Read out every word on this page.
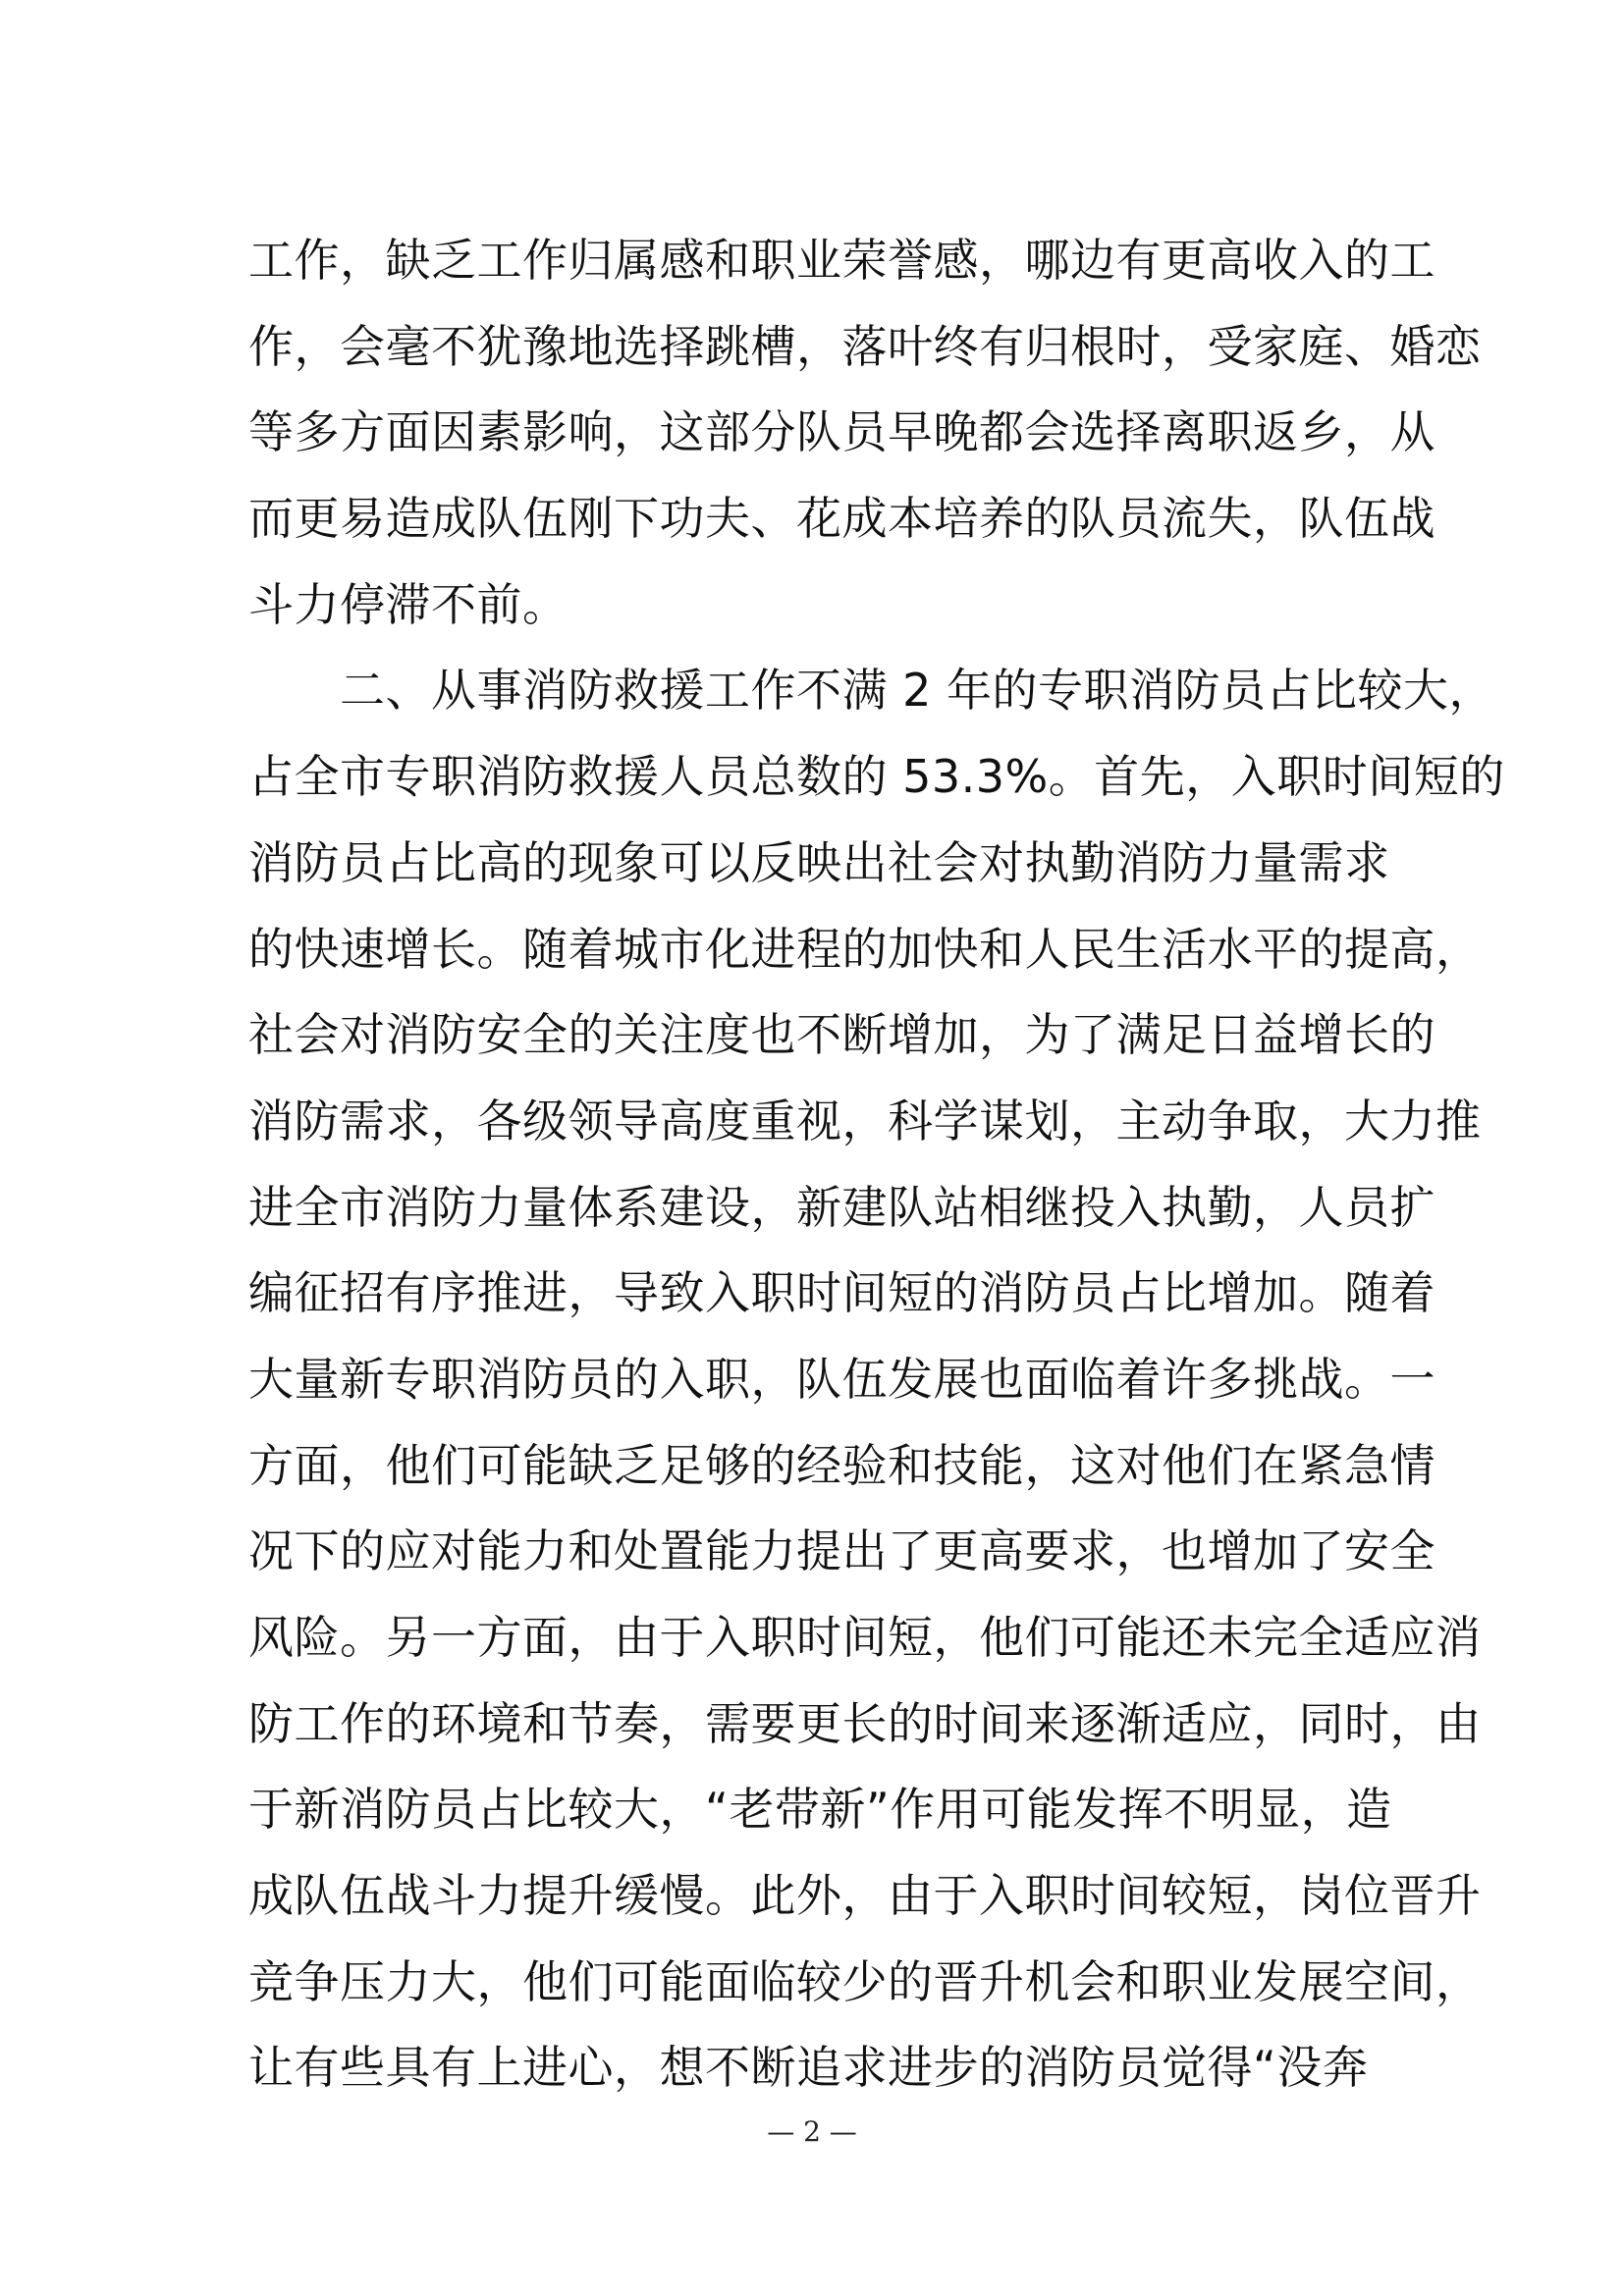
工作，缺乏工作归属感和职业荣誉感，哪边有更高收入的工
作，会毫不犹豫地选择跳槽，落叶终有归根时，受家庭、婚恋
等多方面因素影响，这部分队员早晚都会选择离职返乡，从
而更易造成队伍刚下功夫、花成本培养的队员流失，队伍战
斗力停滞不前。
　　二、从事消防救援工作不满 2 年的专职消防员占比较大，
占全市专职消防救援人员总数的 53.3%。首先，入职时间短的
消防员占比高的现象可以反映出社会对执勤消防力量需求
的快速增长。随着城市化进程的加快和人民生活水平的提高，
社会对消防安全的关注度也不断增加，为了满足日益增长的
消防需求，各级领导高度重视，科学谋划，主动争取，大力推
进全市消防力量体系建设，新建队站相继投入执勤，人员扩
编征招有序推进，导致入职时间短的消防员占比增加。随着
大量新专职消防员的入职，队伍发展也面临着许多挑战。一
方面，他们可能缺乏足够的经验和技能，这对他们在紧急情
况下的应对能力和处置能力提出了更高要求，也增加了安全
风险。另一方面，由于入职时间短，他们可能还未完全适应消
防工作的环境和节奏，需要更长的时间来逐渐适应，同时，由
于新消防员占比较大，“老带新”作用可能发挥不明显，造
成队伍战斗力提升缓慢。此外，由于入职时间较短，岗位晋升
竞争压力大，他们可能面临较少的晋升机会和职业发展空间，
让有些具有上进心，想不断追求进步的消防员觉得“没奔
— 2 —
